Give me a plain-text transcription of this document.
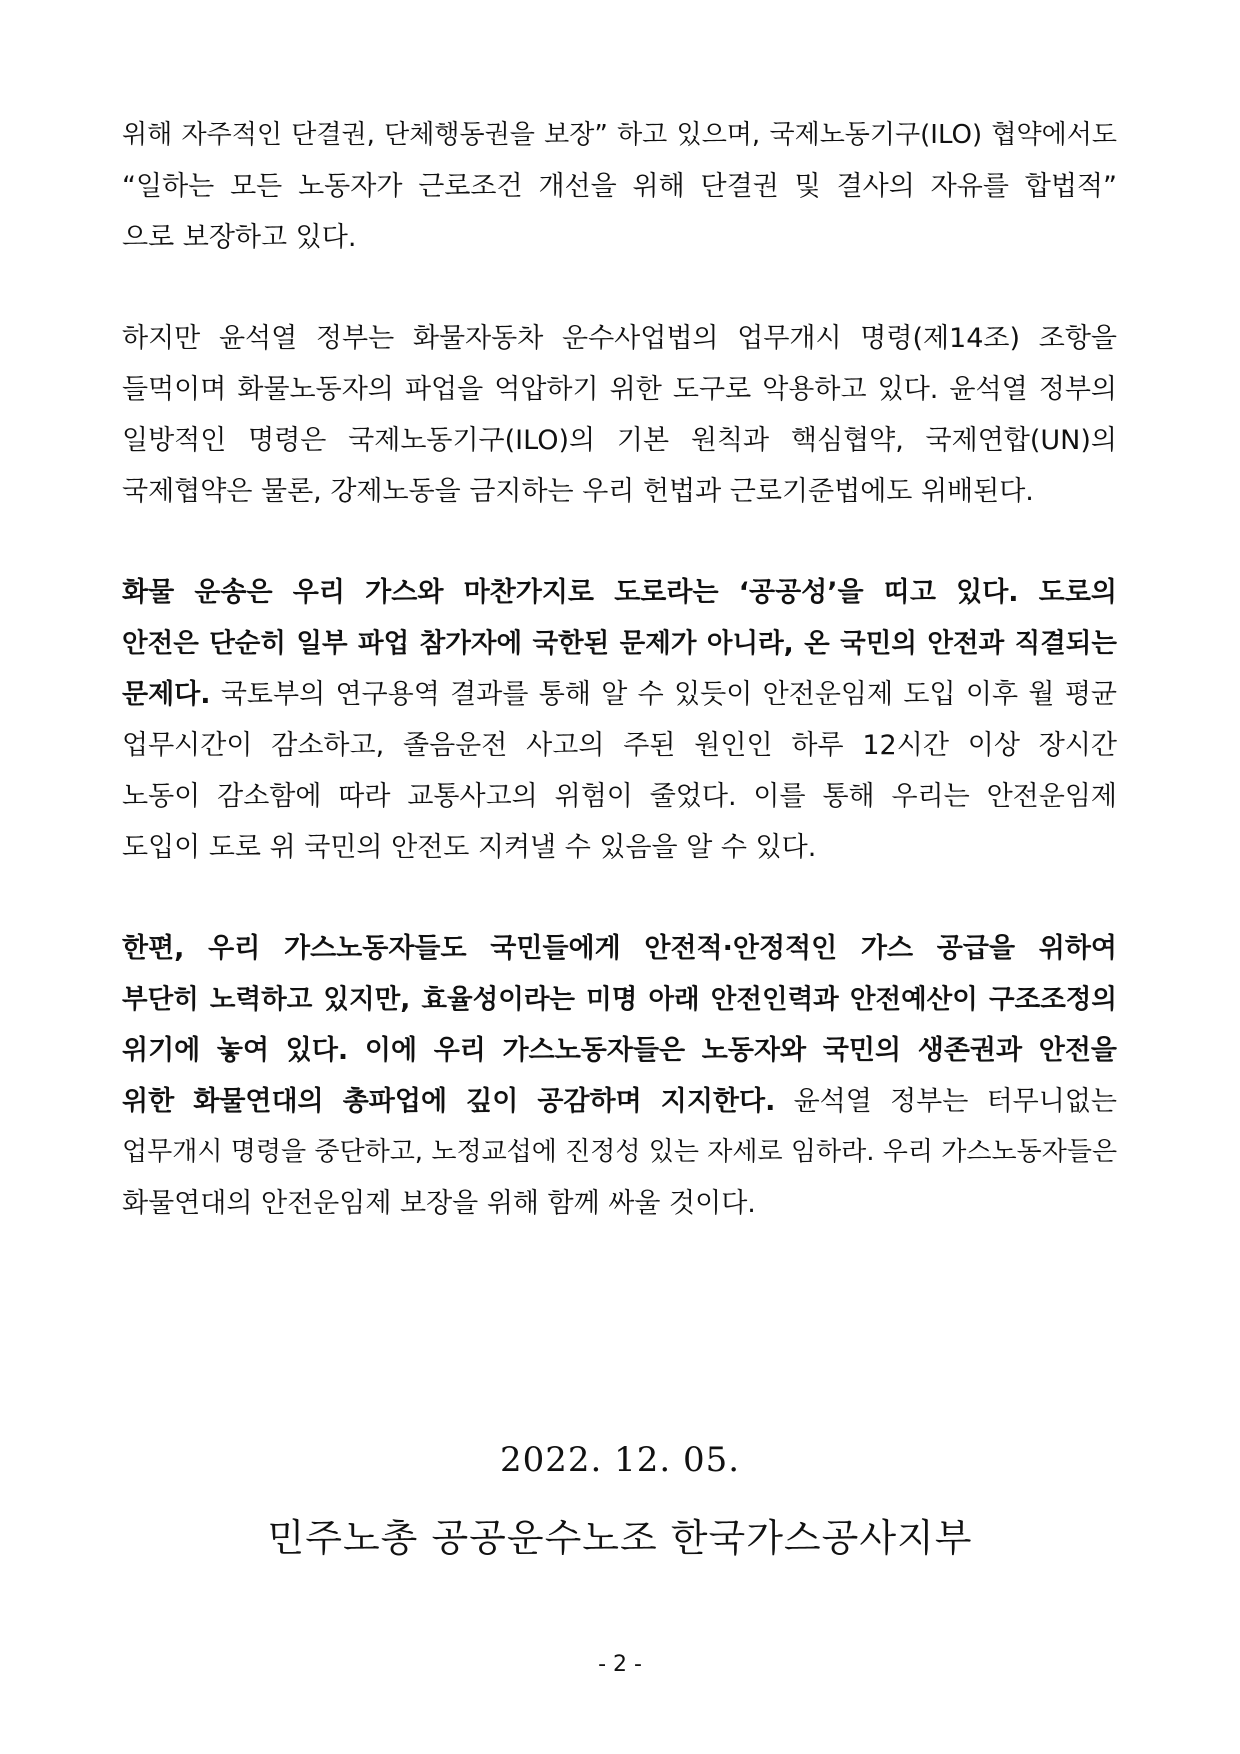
위해 자주적인 단결권, 단체행동권을 보장” 하고 있으며, 국제노동기구(ILO) 협약에서도
“일하는 모든 노동자가 근로조건 개선을 위해 단결권 및 결사의 자유를 합법적”
으로 보장하고 있다.
하지만 윤석열 정부는 화물자동차 운수사업법의 업무개시 명령(제14조) 조항을
들먹이며 화물노동자의 파업을 억압하기 위한 도구로 악용하고 있다. 윤석열 정부의
일방적인 명령은 국제노동기구(ILO)의 기본 원칙과 핵심협약, 국제연합(UN)의
국제협약은 물론, 강제노동을 금지하는 우리 헌법과 근로기준법에도 위배된다.
화물 운송은 우리 가스와 마찬가지로 도로라는 ‘공공성’을 띠고 있다. 도로의
안전은 단순히 일부 파업 참가자에 국한된 문제가 아니라, 온 국민의 안전과 직결되는
문제다. 국토부의 연구용역 결과를 통해 알 수 있듯이 안전운임제 도입 이후 월 평균
업무시간이 감소하고, 졸음운전 사고의 주된 원인인 하루 12시간 이상 장시간
노동이 감소함에 따라 교통사고의 위험이 줄었다. 이를 통해 우리는 안전운임제
도입이 도로 위 국민의 안전도 지켜낼 수 있음을 알 수 있다.
한편, 우리 가스노동자들도 국민들에게 안전적·안정적인 가스 공급을 위하여
부단히 노력하고 있지만, 효율성이라는 미명 아래 안전인력과 안전예산이 구조조정의
위기에 놓여 있다. 이에 우리 가스노동자들은 노동자와 국민의 생존권과 안전을
위한 화물연대의 총파업에 깊이 공감하며 지지한다. 윤석열 정부는 터무니없는
업무개시 명령을 중단하고, 노정교섭에 진정성 있는 자세로 임하라. 우리 가스노동자들은
화물연대의 안전운임제 보장을 위해 함께 싸울 것이다.
2022. 12. 05.
민주노총 공공운수노조 한국가스공사지부
- 2 -
